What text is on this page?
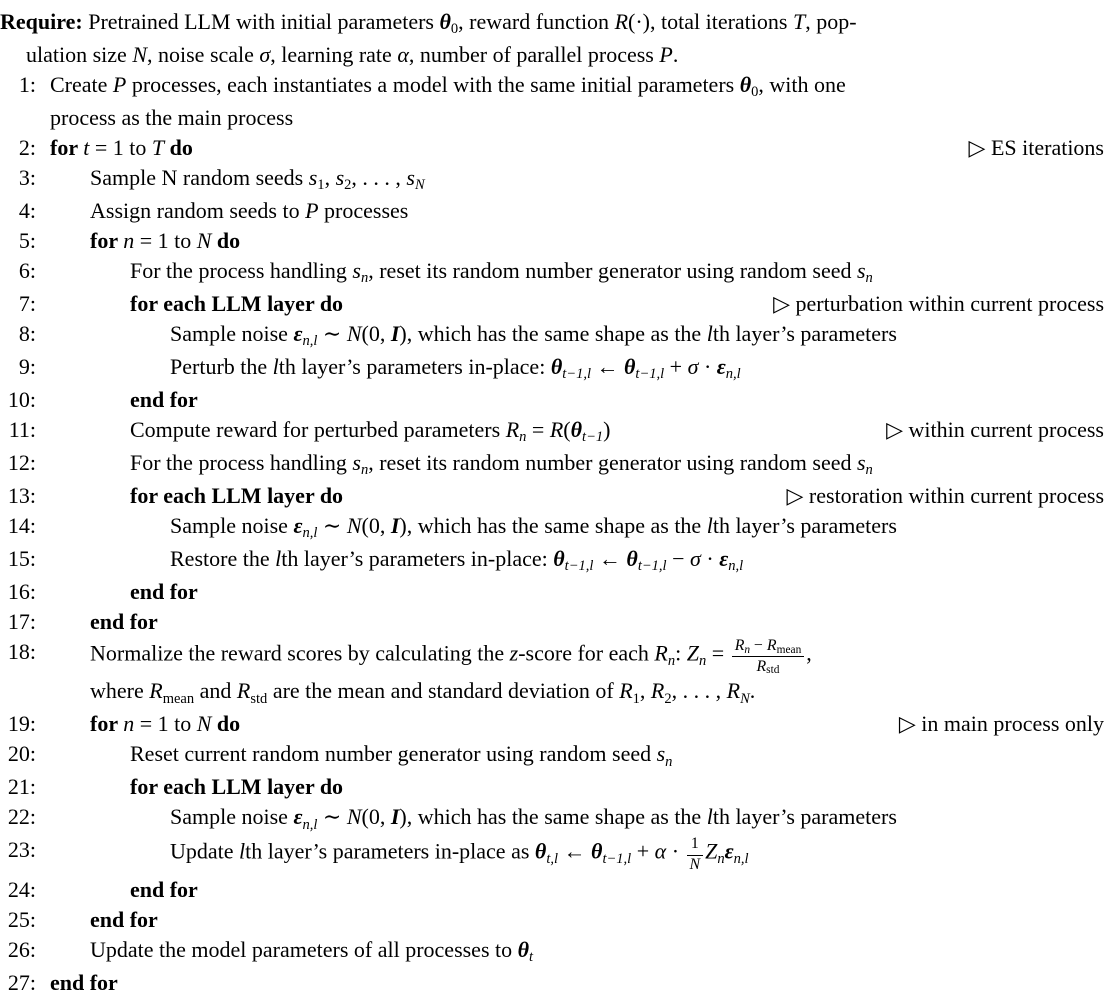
Require: Pretrained LLM with initial parameters θ0, reward function R(·), total iterations T, pop-
ulation size N, noise scale σ, learning rate α, number of parallel process P.
1: Create P processes, each instantiates a model with the same initial parameters θ0, with one
process as the main process
2: for t = 1 to T do	▷ ES iterations
3: Sample N random seeds s1, s2, . . . , sN
4: Assign random seeds to P processes
5: for n = 1 to N do
6:	For the process handling sn, reset its random number generator using random seed sn
7:	for each LLM layer do	▷ perturbation within current process
8:	Sample noise εn,l ∼ N(0, I), which has the same shape as the lth layer’s parameters
9:	Perturb the lth layer’s parameters in-place: θt−1,l ← θt−1,l + σ · εn,l
10:	end for
11:	Compute reward for perturbed parameters Rn = R(θt−1)	▷ within current process
12:	For the process handling sn, reset its random number generator using random seed sn
13:	for each LLM layer do	▷ restoration within current process
14:	Sample noise εn,l ∼ N(0, I), which has the same shape as the lth layer’s parameters
15:	Restore the lth layer’s parameters in-place: θt−1,l ← θt−1,l − σ · εn,l
16:	end for
17: end for
18: Normalize the reward scores by calculating the z-score for each Rn: $Zn = \frac{\text{Rn − Rmean}}{\text{Rstd}}$ ,
where Rmean and Rstd are the mean and standard deviation of R1, R2, . . . , RN.
19: for n = 1 to N do	▷ in main process only
20:	Reset current random number generator using random seed sn
21:	for each LLM layer do
22:	Sample noise εn,l ∼ N(0, I), which has the same shape as the lth layer’s parameters
23:	Update lth layer’s parameters in-place as θt,l ← $\theta t-1,l + \alpha \cdot \frac{1}{N} Zn\varepsilon n,l$
24:	end for
25: end for
26: Update the model parameters of all processes to θt
27: end for
